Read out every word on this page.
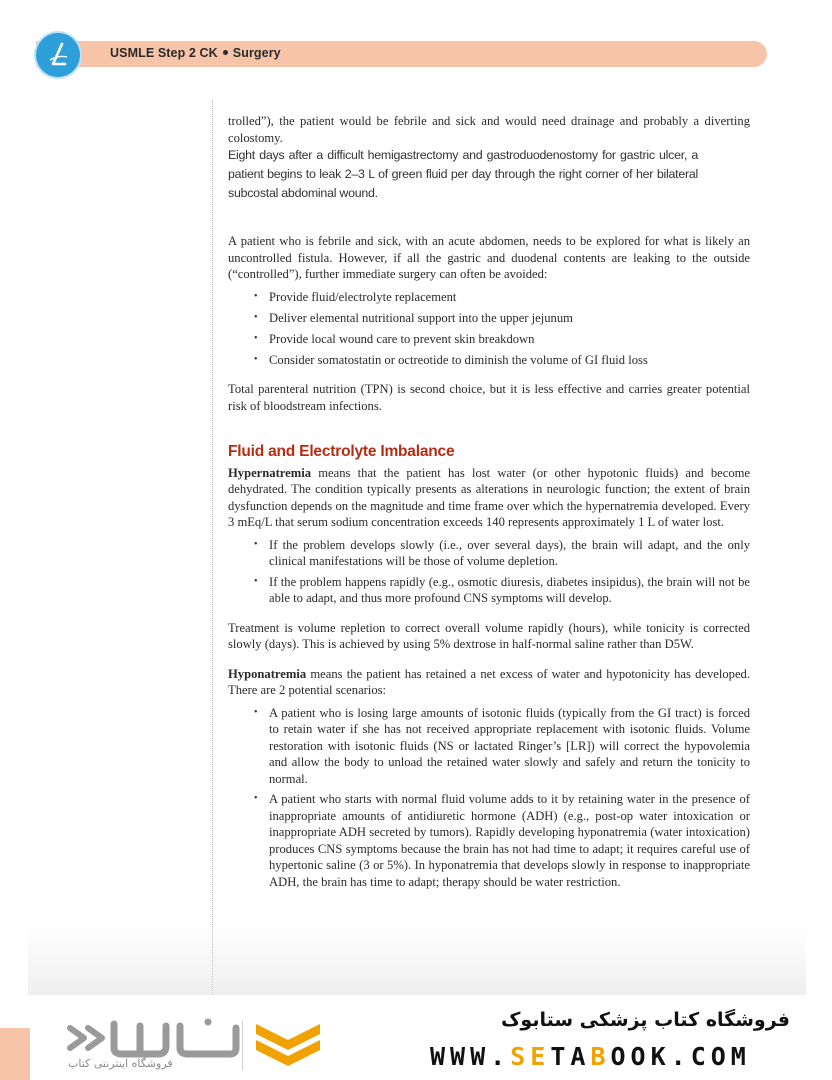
USMLE Step 2 CK Surgery

trolled”), the patient would be febrile and sick and would need drainage and probably a diverting colostomy.

Eight days after a difficult hemigastrectomy and gastroduodenostomy for gastric ulcer, a patient begins to leak 2–3 L of green fluid per day through the right corner of her bilateral subcostal abdominal wound.

A patient who is febrile and sick, with an acute abdomen, needs to be explored for what is likely an uncontrolled fistula. However, if all the gastric and duodenal contents are leaking to the outside (“controlled”), further immediate surgery can often be avoided:

• Provide fluid/electrolyte replacement
• Deliver elemental nutritional support into the upper jejunum
• Provide local wound care to prevent skin breakdown
• Consider somatostatin or octreotide to diminish the volume of GI fluid loss

Total parenteral nutrition (TPN) is second choice, but it is less effective and carries greater potential risk of bloodstream infections.

Fluid and Electrolyte Imbalance

Hypernatremia means that the patient has lost water (or other hypotonic fluids) and become dehydrated. The condition typically presents as alterations in neurologic function; the extent of brain dysfunction depends on the magnitude and time frame over which the hypernatremia developed. Every 3 mEq/L that serum sodium concentration exceeds 140 represents approximately 1 L of water lost.

• If the problem develops slowly (i.e., over several days), the brain will adapt, and the only clinical manifestations will be those of volume depletion.
• If the problem happens rapidly (e.g., osmotic diuresis, diabetes insipidus), the brain will not be able to adapt, and thus more profound CNS symptoms will develop.

Treatment is volume repletion to correct overall volume rapidly (hours), while tonicity is corrected slowly (days). This is achieved by using 5% dextrose in half-normal saline rather than D5W.

Hyponatremia means the patient has retained a net excess of water and hypotonicity has developed. There are 2 potential scenarios:

• A patient who is losing large amounts of isotonic fluids (typically from the GI tract) is forced to retain water if she has not received appropriate replacement with isotonic fluids. Volume restoration with isotonic fluids (NS or lactated Ringer’s [LR]) will correct the hypovolemia and allow the body to unload the retained water slowly and safely and return the tonicity to normal.
• A patient who starts with normal fluid volume adds to it by retaining water in the presence of inappropriate amounts of antidiuretic hormone (ADH) (e.g., post-op water intoxication or inappropriate ADH secreted by tumors). Rapidly developing hyponatremia (water intoxication) produces CNS symptoms because the brain has not had time to adapt; it requires careful use of hypertonic saline (3 or 5%). In hyponatremia that develops slowly in response to inappropriate ADH, the brain has time to adapt; therapy should be water restriction.
فروشگاه اینترنتی کتاب
فروشگاه کتاب پزشکی ستابوک
WWW.SETABOOK.COM
